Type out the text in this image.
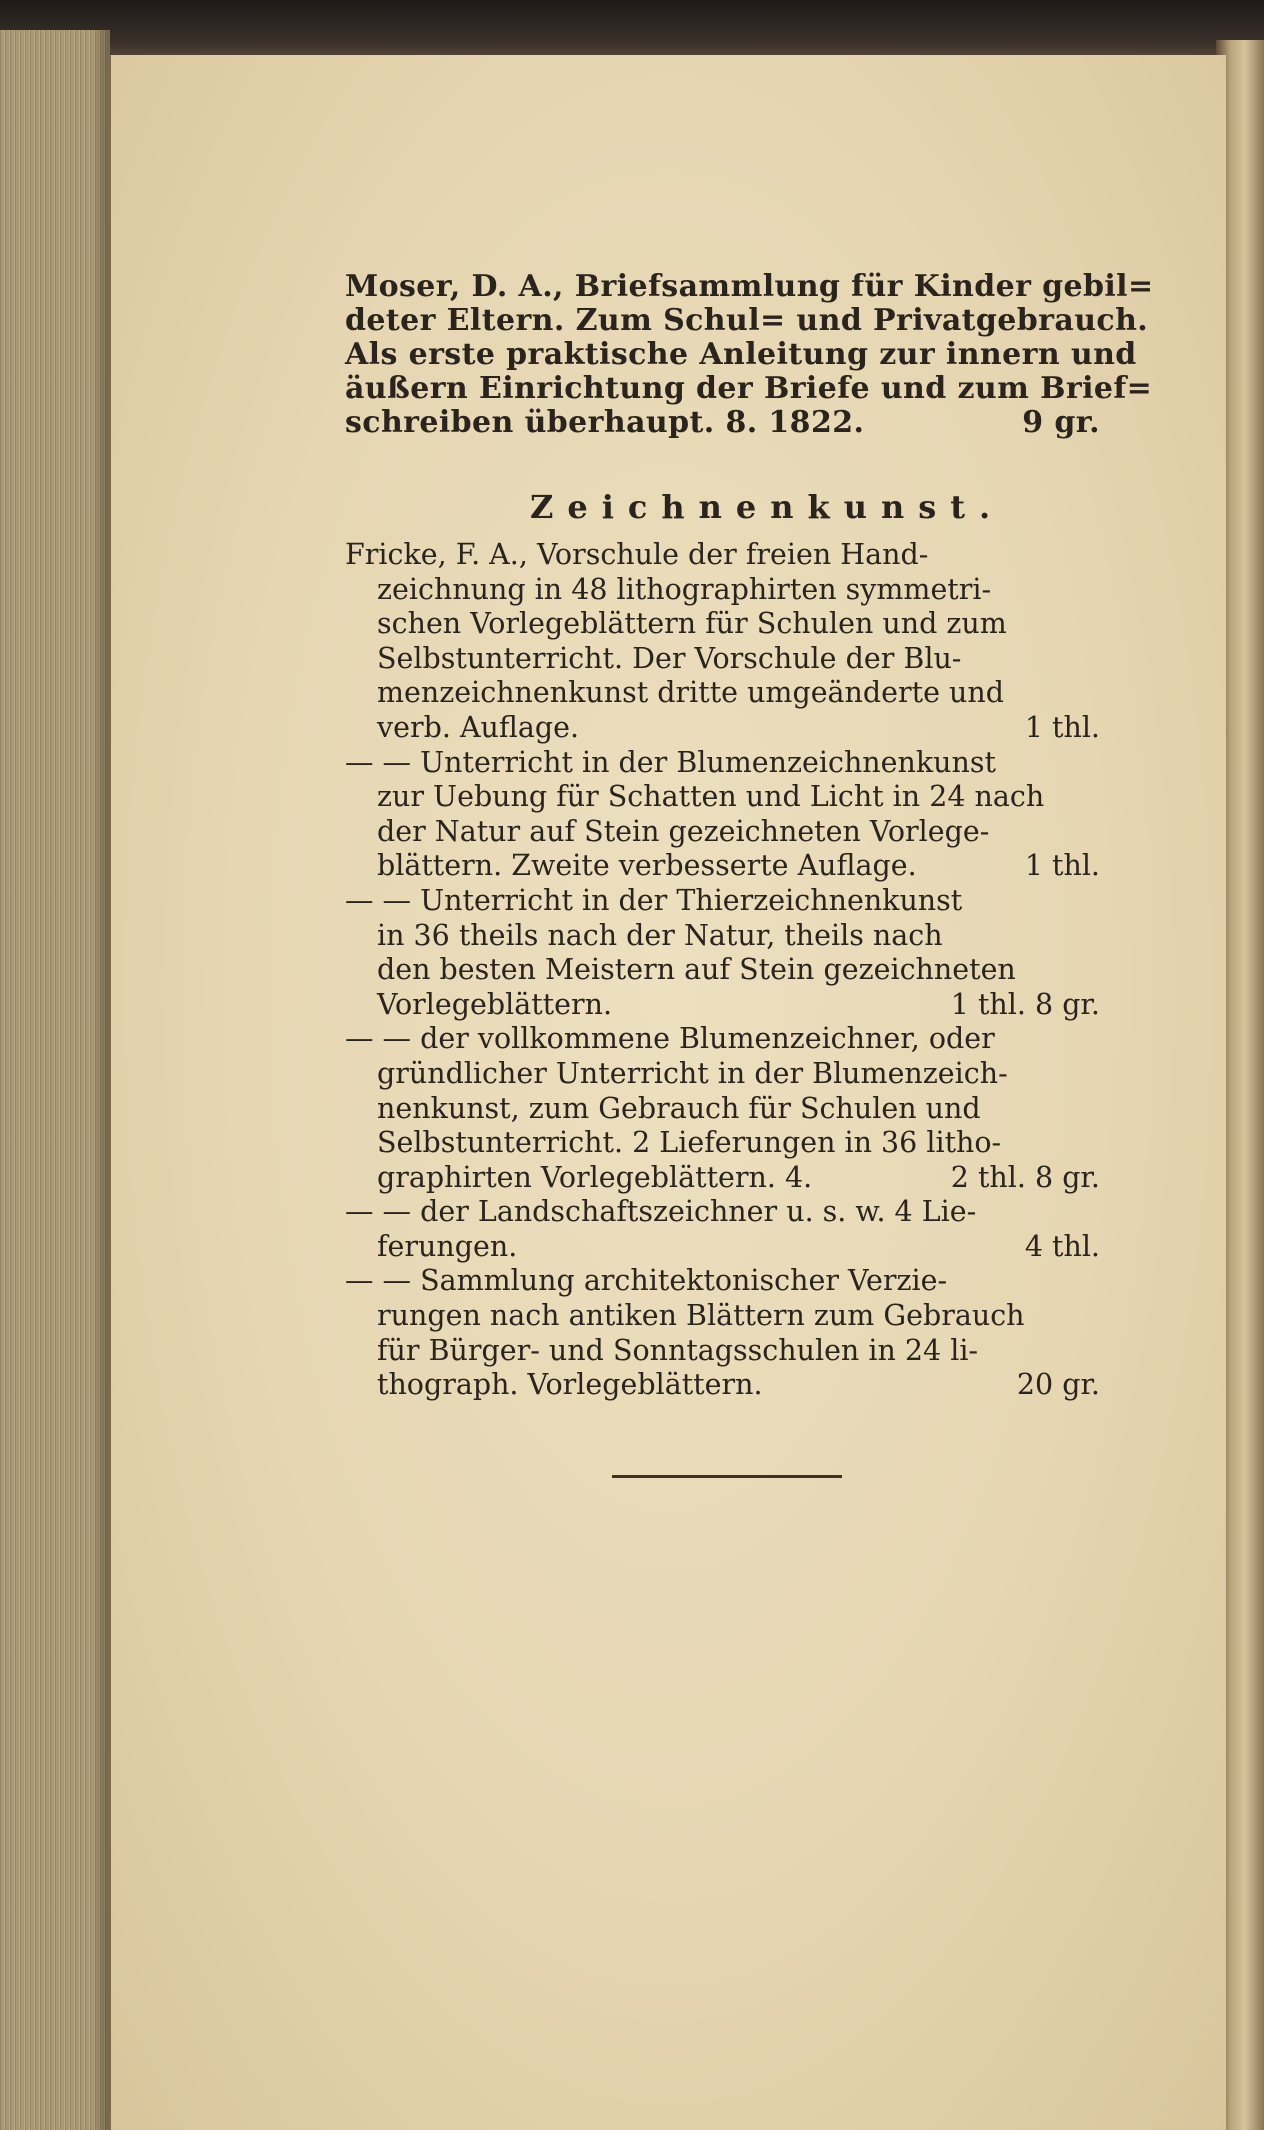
Moser, D. A., Briefsammlung für Kinder gebil=
deter Eltern. Zum Schul= und Privatgebrauch.
Als erste praktische Anleitung zur innern und
äußern Einrichtung der Briefe und zum Brief=
schreiben überhaupt. 8. 1822.	9 gr.
Zeichnenkunst.
Fricke, F. A., Vorschule der freien Hand-
zeichnung in 48 lithographirten symmetri-
schen Vorlegeblättern für Schulen und zum
Selbstunterricht. Der Vorschule der Blu-
menzeichnenkunst dritte umgeänderte und
verb. Auflage.	1 thl.
— — Unterricht in der Blumenzeichnenkunst
zur Uebung für Schatten und Licht in 24 nach
der Natur auf Stein gezeichneten Vorlege-
blättern. Zweite verbesserte Auflage.	1 thl.
— — Unterricht in der Thierzeichnenkunst
in 36 theils nach der Natur, theils nach
den besten Meistern auf Stein gezeichneten
Vorlegeblättern.	1 thl. 8 gr.
— — der vollkommene Blumenzeichner, oder
gründlicher Unterricht in der Blumenzeich-
nenkunst, zum Gebrauch für Schulen und
Selbstunterricht. 2 Lieferungen in 36 litho-
graphirten Vorlegeblättern. 4.	2 thl. 8 gr.
— — der Landschaftszeichner u. s. w. 4 Lie-
ferungen.	4 thl.
— — Sammlung architektonischer Verzie-
rungen nach antiken Blättern zum Gebrauch
für Bürger- und Sonntagsschulen in 24 li-
thograph. Vorlegeblättern.	20 gr.
